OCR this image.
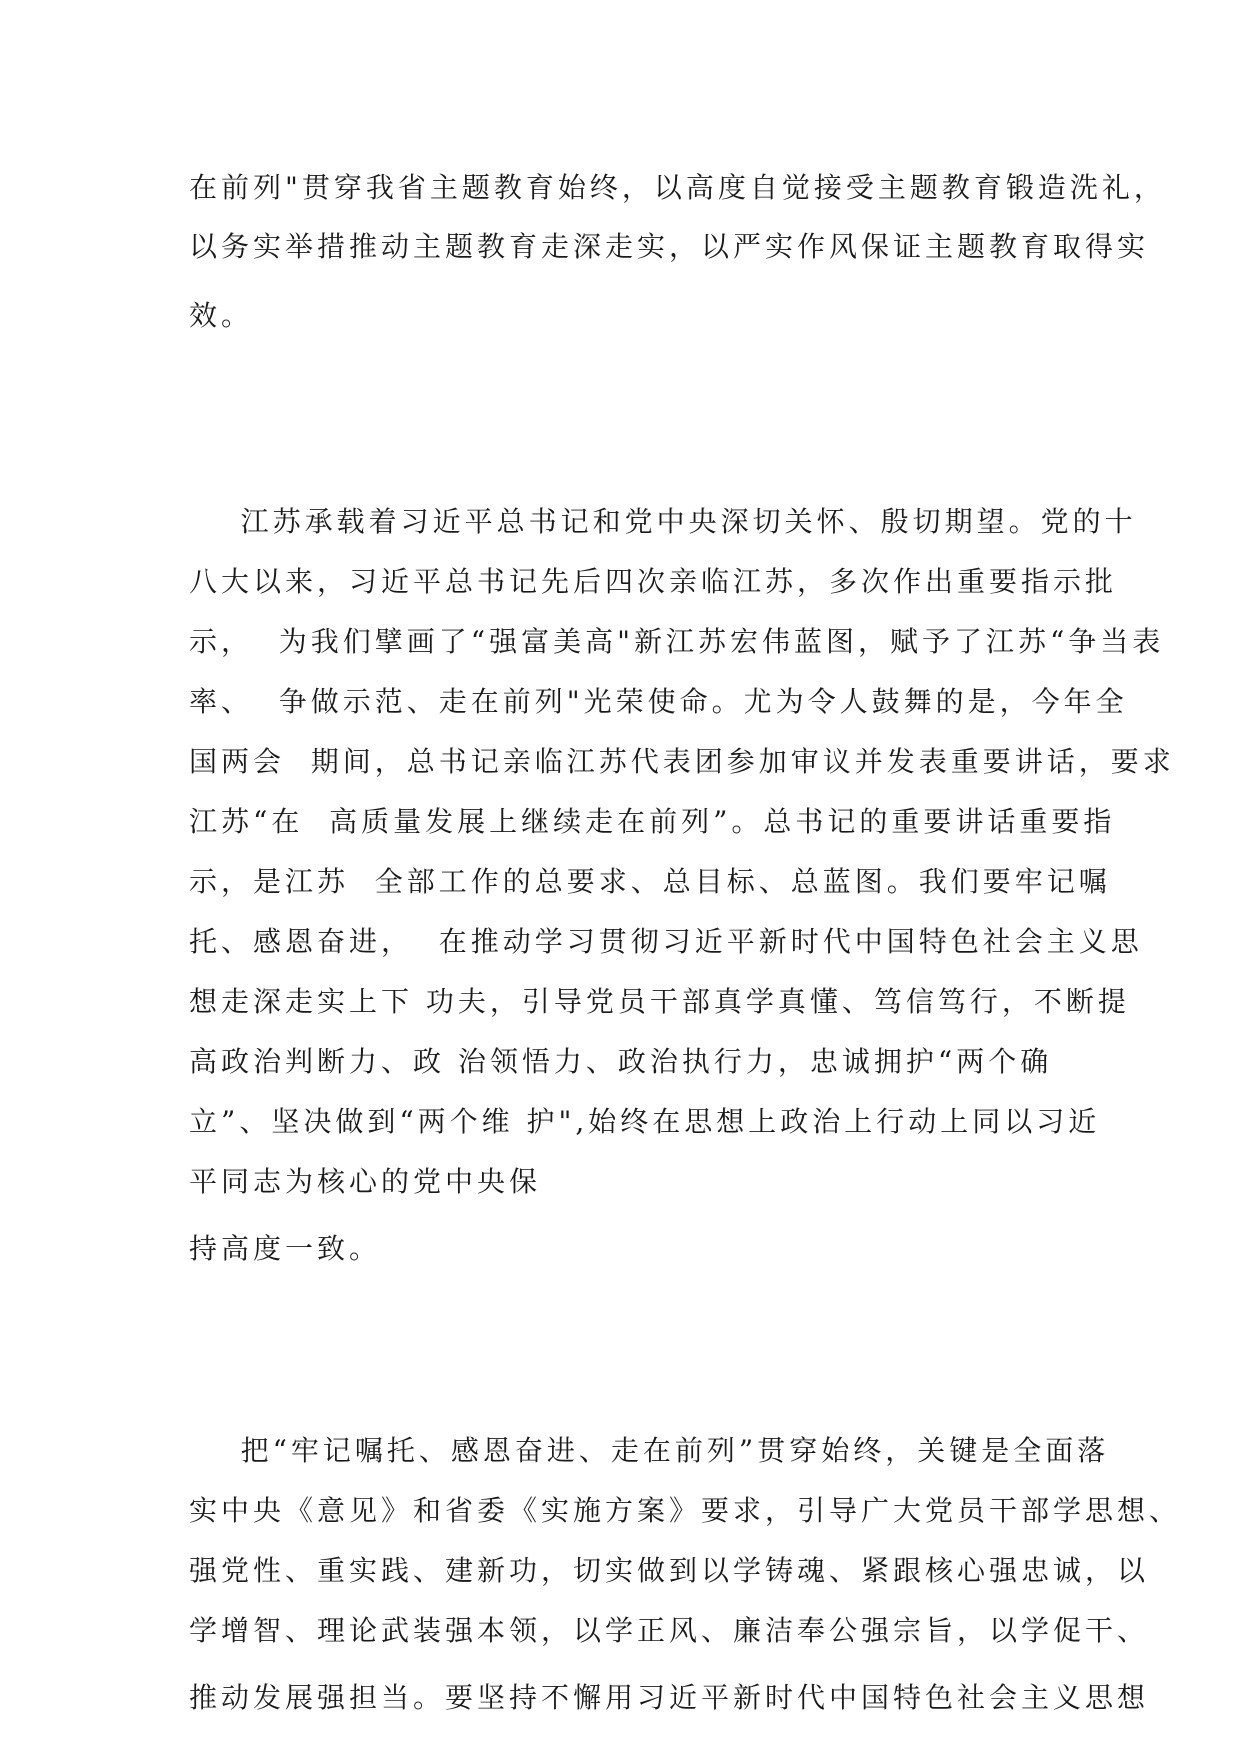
在前列"贯穿我省主题教育始终，以高度自觉接受主题教育锻造洗礼，

以务实举措推动主题教育走深走实，以严实作风保证主题教育取得实

效。

江苏承载着习近平总书记和党中央深切关怀、殷切期望。党的十

八大以来，习近平总书记先后四次亲临江苏，多次作出重要指示批

示，  为我们擘画了“强富美高"新江苏宏伟蓝图，赋予了江苏“争当表

率、  争做示范、走在前列"光荣使命。尤为令人鼓舞的是，今年全

国两会  期间，总书记亲临江苏代表团参加审议并发表重要讲话，要求

江苏“在  高质量发展上继续走在前列”。总书记的重要讲话重要指

示，是江苏  全部工作的总要求、总目标、总蓝图。我们要牢记嘱

托、感恩奋进，  在推动学习贯彻习近平新时代中国特色社会主义思

想走深走实上下 功夫，引导党员干部真学真懂、笃信笃行，不断提

高政治判断力、政 治领悟力、政治执行力，忠诚拥护“两个确

立”、坚决做到“两个维 护",始终在思想上政治上行动上同以习近

平同志为核心的党中央保

持高度一致。

把“牢记嘱托、感恩奋进、走在前列”贯穿始终，关键是全面落

实中央《意见》和省委《实施方案》要求，引导广大党员干部学思想、

强党性、重实践、建新功，切实做到以学铸魂、紧跟核心强忠诚，以

学增智、理论武装强本领，以学正风、廉洁奉公强宗旨，以学促干、

推动发展强担当。要坚持不懈用习近平新时代中国特色社会主义思想
